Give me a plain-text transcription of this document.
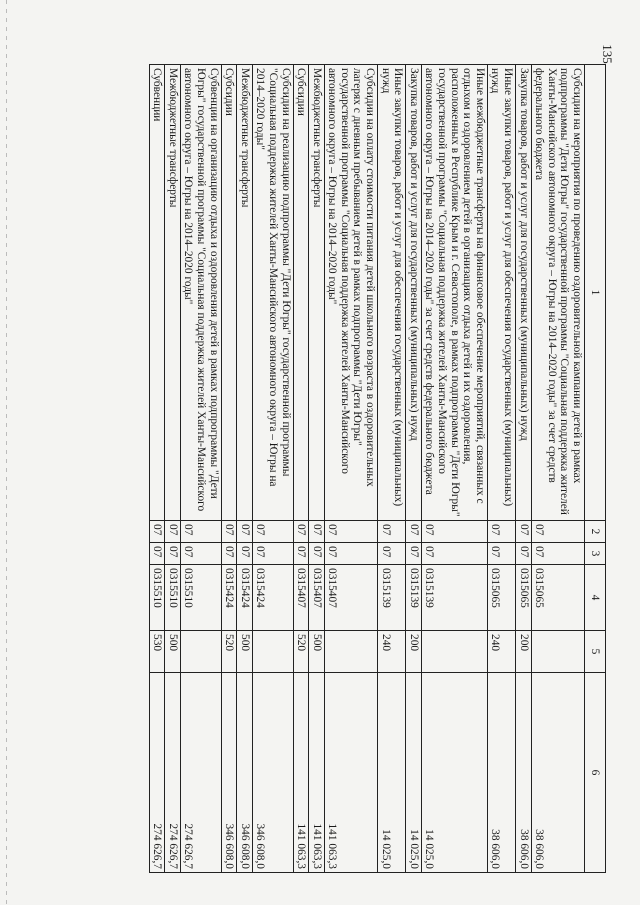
135
1	2	3	4	5	6
Субсидии на мероприятия по проведению оздоровительной кампании детей в рамках подпрограммы "Дети Югры" государственной программы "Социальная поддержка жителей Ханты-Мансийского автономного округа – Югры на 2014–2020 годы" за счет средств федерального бюджета	07	07	0315065		38 606,0
Закупка товаров, работ и услуг для государственных (муниципальных) нужд	07	07	0315065	200	38 606,0
Иные закупки товаров, работ и услуг для обеспечения государственных (муниципальных) нужд	07	07	0315065	240	38 606,0
Иные межбюджетные трансферты на финансовое обеспечение мероприятий, связанных с отдыхом и оздоровлением детей в организациях отдыха детей и их оздоровления, расположенных в Республике Крым и г. Севастополе, в рамках подпрограммы "Дети Югры" государственной программы "Социальная поддержка жителей Ханты-Мансийского автономного округа – Югры на 2014–2020 годы" за счет средств федерального бюджета	07	07	0315139		14 025,0
Закупка товаров, работ и услуг для государственных (муниципальных) нужд	07	07	0315139	200	14 025,0
Иные закупки товаров, работ и услуг для обеспечения государственных (муниципальных) нужд	07	07	0315139	240	14 025,0
Субсидии на оплату стоимости питания детей школьного возраста в оздоровительных лагерях с дневным пребыванием детей в рамках подпрограммы "Дети Югры" государственной программы "Социальная поддержка жителей Ханты-Мансийского автономного округа – Югры на 2014–2020 годы"	07	07	0315407		141 063,3
Межбюджетные трансферты	07	07	0315407	500	141 063,3
Субсидии	07	07	0315407	520	141 063,3
Субсидии на реализацию подпрограммы "Дети Югры" государственной программы "Социальная поддержка жителей Ханты-Мансийского автономного округа – Югры на 2014–2020 годы"	07	07	0315424		346 608,0
Межбюджетные трансферты	07	07	0315424	500	346 608,0
Субсидии	07	07	0315424	520	346 608,0
Субвенции на организацию отдыха и оздоровления детей в рамках подпрограммы "Дети Югры" государственной программы "Социальная поддержка жителей Ханты-Мансийского автономного округа – Югры на 2014–2020 годы"	07	07	0315510		274 626,7
Межбюджетные трансферты	07	07	0315510	500	274 626,7
Субвенции	07	07	0315510	530	274 626,7
